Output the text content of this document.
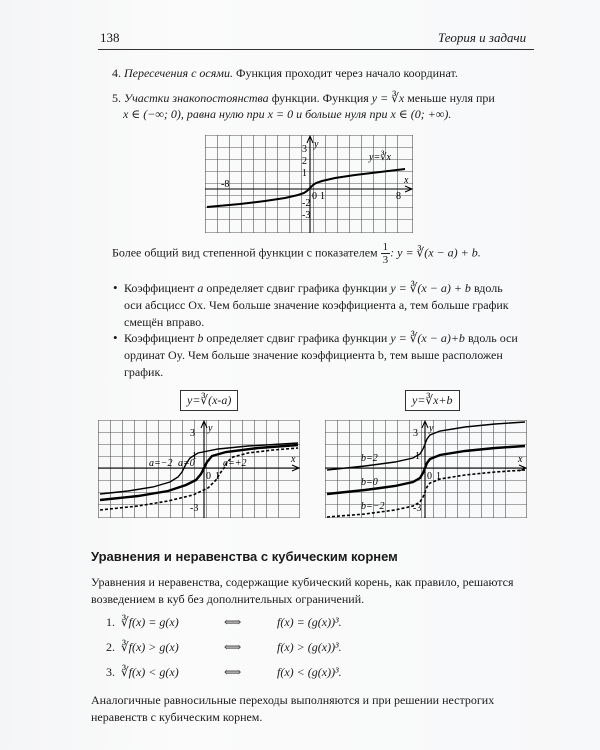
138	Теория и задачи
4. Пересечения с осями. Функция проходит через начало координат.
5. Участки знакопостоянства функции. Функция y = ∛x меньше нуля при
x ∈ (−∞; 0), равна нулю при x = 0 и больше нуля при x ∈ (0; +∞).
y=∛x
x
y
-8
0 1	8
3
2
1
-2
-3
Более общий вид степенной функции с показателем $\frac{1}{3}$ : y = ∛(x − a) + b.
• Коэффициент a определяет сдвиг графика функции y = ∛(x − a) + b вдоль
оси абсцисс Ox. Чем больше значение коэффициента a, тем больше график
смещён вправо.
• Коэффициент b определяет сдвиг графика функции y = ∛(x − a)+b вдоль оси
ординат Oy. Чем больше значение коэффициента b, тем выше расположен
график.
y=∛(x-a)	y=∛x+b
a=−2 a=0	a=+2	x
y
3
1
-3
0 1
b=2
b=0
b=−2
x
y
3
1
-3
0 1
Уравнения и неравенства с кубическим корнем
Уравнения и неравенства, содержащие кубический корень, как правило, решаются
возведением в куб без дополнительных ограничений.
1. ∛f(x) = g(x)	⟺	f(x) = (g(x))³.
2. ∛f(x) > g(x)	⟺	f(x) > (g(x))³.
3. ∛f(x) < g(x)	⟺	f(x) < (g(x))³.
Аналогичные равносильные переходы выполняются и при решении нестрогих
неравенств с кубическим корнем.
